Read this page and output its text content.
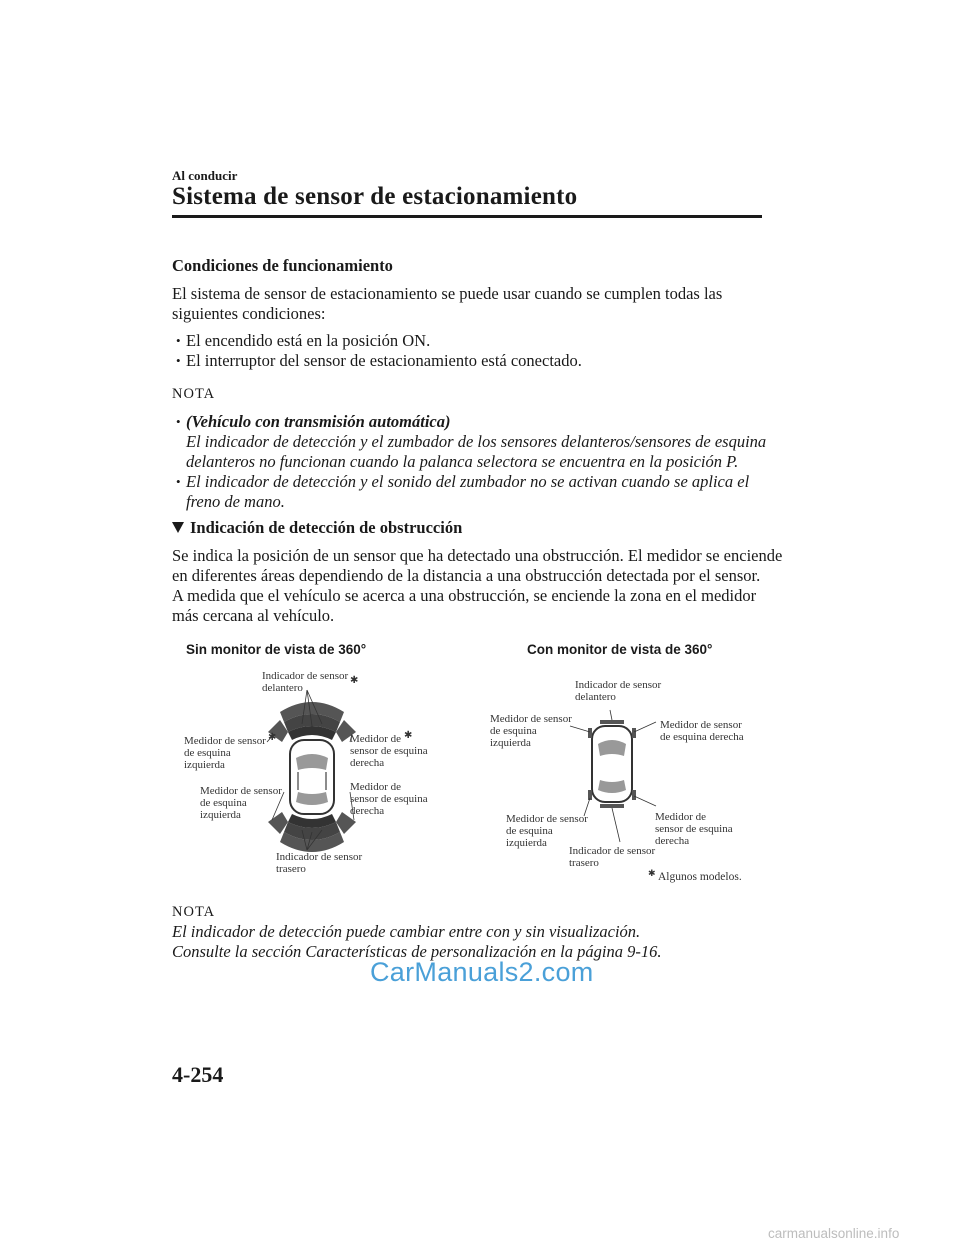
Al conducir
Sistema de sensor de estacionamiento
Condiciones de funcionamiento
El sistema de sensor de estacionamiento se puede usar cuando se cumplen todas las
siguientes condiciones:
• El encendido está en la posición ON.
• El interruptor del sensor de estacionamiento está conectado.
NOTA
• (Vehículo con transmisión automática)
El indicador de detección y el zumbador de los sensores delanteros/sensores de esquina
delanteros no funcionan cuando la palanca selectora se encuentra en la posición P.
• El indicador de detección y el sonido del zumbador no se activan cuando se aplica el
freno de mano.
Indicación de detección de obstrucción
Se indica la posición de un sensor que ha detectado una obstrucción. El medidor se enciende
en diferentes áreas dependiendo de la distancia a una obstrucción detectada por el sensor.
A medida que el vehículo se acerca a una obstrucción, se enciende la zona en el medidor
más cercana al vehículo.
Sin monitor de vista de 360°	Con monitor de vista de 360°
Indicador de sensor
delantero
✱
Medidor de sensor
de esquina
izquierda
✱	Medidor de
sensor de esquina
derecha
✱
Medidor de sensor
de esquina
izquierda
Medidor de
sensor de esquina
derecha
Indicador de sensor
trasero
Indicador de sensor
delantero
Medidor de sensor
de esquina
izquierda
Medidor de sensor
de esquina derecha
Medidor de sensor
de esquina
izquierda
Indicador de sensor
trasero
Medidor de
sensor de esquina
derecha
✱ Algunos modelos.
NOTA
El indicador de detección puede cambiar entre con y sin visualización.
Consulte la sección Características de personalización en la página 9-16.
CarManuals2.com
4-254
carmanualsonline.info
